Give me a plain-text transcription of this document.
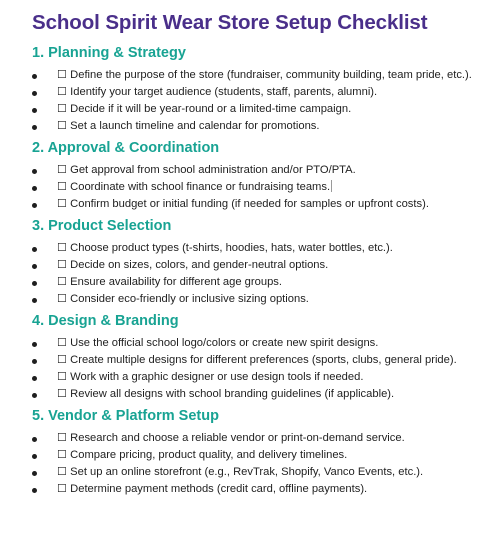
School Spirit Wear Store Setup Checklist
1. Planning & Strategy
☐ Define the purpose of the store (fundraiser, community building, team pride, etc.).
☐ Identify your target audience (students, staff, parents, alumni).
☐ Decide if it will be year-round or a limited-time campaign.
☐ Set a launch timeline and calendar for promotions.
2. Approval & Coordination
☐ Get approval from school administration and/or PTO/PTA.
☐ Coordinate with school finance or fundraising teams.
☐ Confirm budget or initial funding (if needed for samples or upfront costs).
3. Product Selection
☐ Choose product types (t-shirts, hoodies, hats, water bottles, etc.).
☐ Decide on sizes, colors, and gender-neutral options.
☐ Ensure availability for different age groups.
☐ Consider eco-friendly or inclusive sizing options.
4. Design & Branding
☐ Use the official school logo/colors or create new spirit designs.
☐ Create multiple designs for different preferences (sports, clubs, general pride).
☐ Work with a graphic designer or use design tools if needed.
☐ Review all designs with school branding guidelines (if applicable).
5. Vendor & Platform Setup
☐ Research and choose a reliable vendor or print-on-demand service.
☐ Compare pricing, product quality, and delivery timelines.
☐ Set up an online storefront (e.g., RevTrak, Shopify, Vanco Events, etc.).
☐ Determine payment methods (credit card, offline payments).
